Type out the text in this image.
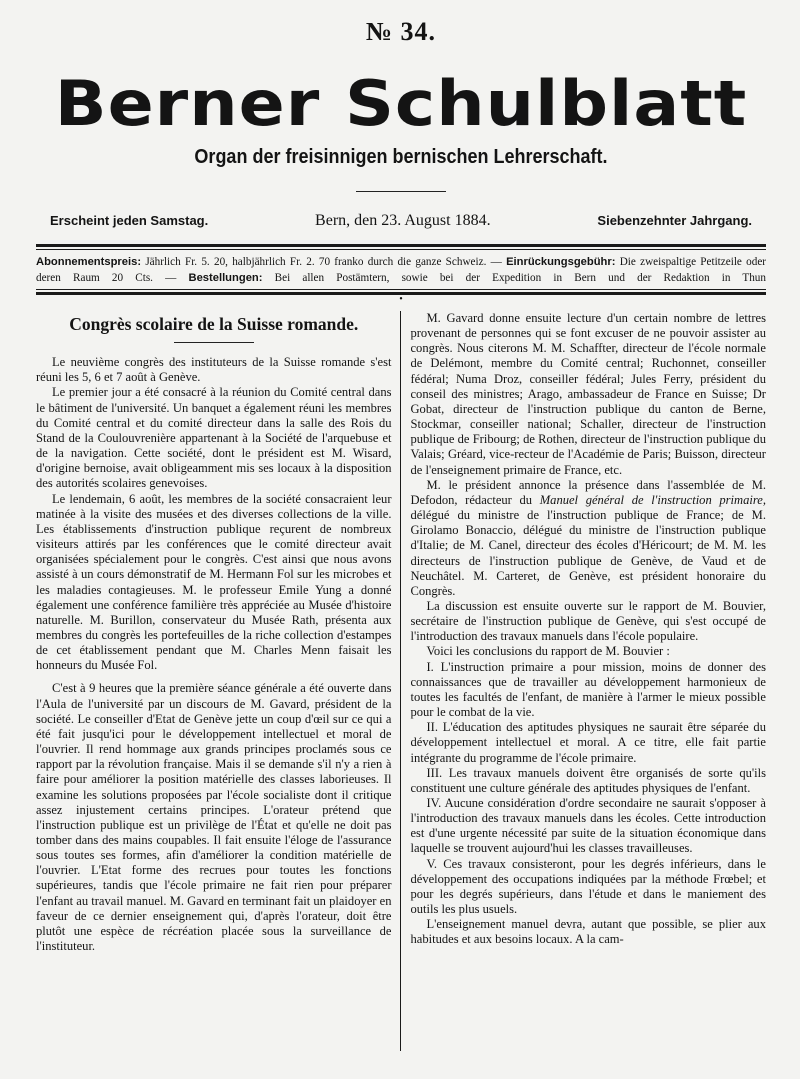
№ 34.
Berner Schulblatt
Organ der freisinnigen bernischen Lehrerschaft.
Erscheint jeden Samstag.	Bern, den 23. August 1884.	Siebenzehnter Jahrgang.
Abonnementspreis: Jährlich Fr. 5. 20, halbjährlich Fr. 2. 70 franko durch die ganze Schweiz. — Einrückungsgebühr: Die zweispaltige Petitzeile oder deren Raum 20 Cts. — Bestellungen: Bei allen Postämtern, sowie bei der Expedition in Bern und der Redaktion in Thun
•
Congrès scolaire de la Suisse romande.

Le neuvième congrès des instituteurs de la Suisse romande s'est réuni les 5, 6 et 7 août à Genève.

Le premier jour a été consacré à la réunion du Comité central dans le bâtiment de l'université. Un banquet a également réuni les membres du Comité central et du comité directeur dans la salle des Rois du Stand de la Coulouvrenière appartenant à la Société de l'arquebuse et de la navigation. Cette société, dont le président est M. Wisard, d'origine bernoise, avait obligeamment mis ses locaux à la disposition des autorités scolaires genevoises.

Le lendemain, 6 août, les membres de la société consacraient leur matinée à la visite des musées et des diverses collections de la ville. Les établissements d'instruction publique reçurent de nombreux visiteurs attirés par les conférences que le comité directeur avait organisées spécialement pour le congrès. C'est ainsi que nous avons assisté à un cours démonstratif de M. Hermann Fol sur les microbes et les maladies contagieuses. M. le professeur Emile Yung a donné également une conférence familière très appréciée au Musée d'histoire naturelle. M. Burillon, conservateur du Musée Rath, présenta aux membres du congrès les portefeuilles de la riche collection d'estampes de cet établissement pendant que M. Charles Menn faisait les honneurs du Musée Fol.

C'est à 9 heures que la première séance générale a été ouverte dans l'Aula de l'université par un discours de M. Gavard, président de la société. Le conseiller d'Etat de Genève jette un coup d'œil sur ce qui a été fait jusqu'ici pour le développement intellectuel et moral de l'ouvrier. Il rend hommage aux grands principes proclamés sous ce rapport par la révolution française. Mais il se demande s'il n'y a rien à faire pour améliorer la position matérielle des classes laborieuses. Il examine les solutions proposées par l'école socialiste dont il critique assez injustement certains principes. L'orateur prétend que l'instruction publique est un privilège de l'État et qu'elle ne doit pas tomber dans des mains coupables. Il fait ensuite l'éloge de l'assurance sous toutes ses formes, afin d'améliorer la condition matérielle de l'ouvrier. L'Etat forme des recrues pour toutes les fonctions supérieures, tandis que l'école primaire ne fait rien pour préparer l'enfant au travail manuel. M. Gavard en terminant fait un plaidoyer en faveur de ce dernier enseignement qui, d'après l'orateur, doit être plutôt une espèce de récréation placée sous la surveillance de l'instituteur.

M. Gavard donne ensuite lecture d'un certain nombre de lettres provenant de personnes qui se font excuser de ne pouvoir assister au congrès. Nous citerons M. M. Schaffter, directeur de l'école normale de Delémont, membre du Comité central; Ruchonnet, conseiller fédéral; Numa Droz, conseiller fédéral; Jules Ferry, président du conseil des ministres; Arago, ambassadeur de France en Suisse; Dr Gobat, directeur de l'instruction publique du canton de Berne, Stockmar, conseiller national; Schaller, directeur de l'instruction publique de Fribourg; de Rothen, directeur de l'instruction publique du Valais; Gréard, vice-recteur de l'Académie de Paris; Buisson, directeur de l'enseignement primaire de France, etc.

M. le président annonce la présence dans l'assemblée de M. Defodon, rédacteur du Manuel général de l'instruction primaire, délégué du ministre de l'instruction publique de France; de M. Girolamo Bonaccio, délégué du ministre de l'instruction publique d'Italie; de M. Canel, directeur des écoles d'Héricourt; de M. M. les directeurs de l'instruction publique de Genève, de Vaud et de Neuchâtel. M. Carteret, de Genève, est président honoraire du Congrès.

La discussion est ensuite ouverte sur le rapport de M. Bouvier, secrétaire de l'instruction publique de Genève, qui s'est occupé de l'introduction des travaux manuels dans l'école populaire.

Voici les conclusions du rapport de M. Bouvier :

I. L'instruction primaire a pour mission, moins de donner des connaissances que de travailler au développement harmonieux de toutes les facultés de l'enfant, de manière à l'armer le mieux possible pour le combat de la vie.

II. L'éducation des aptitudes physiques ne saurait être séparée du développement intellectuel et moral. A ce titre, elle fait partie intégrante du programme de l'école primaire.

III. Les travaux manuels doivent être organisés de sorte qu'ils constituent une culture générale des aptitudes physiques de l'enfant.

IV. Aucune considération d'ordre secondaire ne saurait s'opposer à l'introduction des travaux manuels dans les écoles. Cette introduction est d'une urgente nécessité par suite de la situation économique dans laquelle se trouvent aujourd'hui les classes travailleuses.

V. Ces travaux consisteront, pour les degrés inférieurs, dans le développement des occupations indiquées par la méthode Frœbel; et pour les degrés supérieurs, dans l'étude et dans le maniement des outils les plus usuels.

L'enseignement manuel devra, autant que possible, se plier aux habitudes et aux besoins locaux. A la cam-
